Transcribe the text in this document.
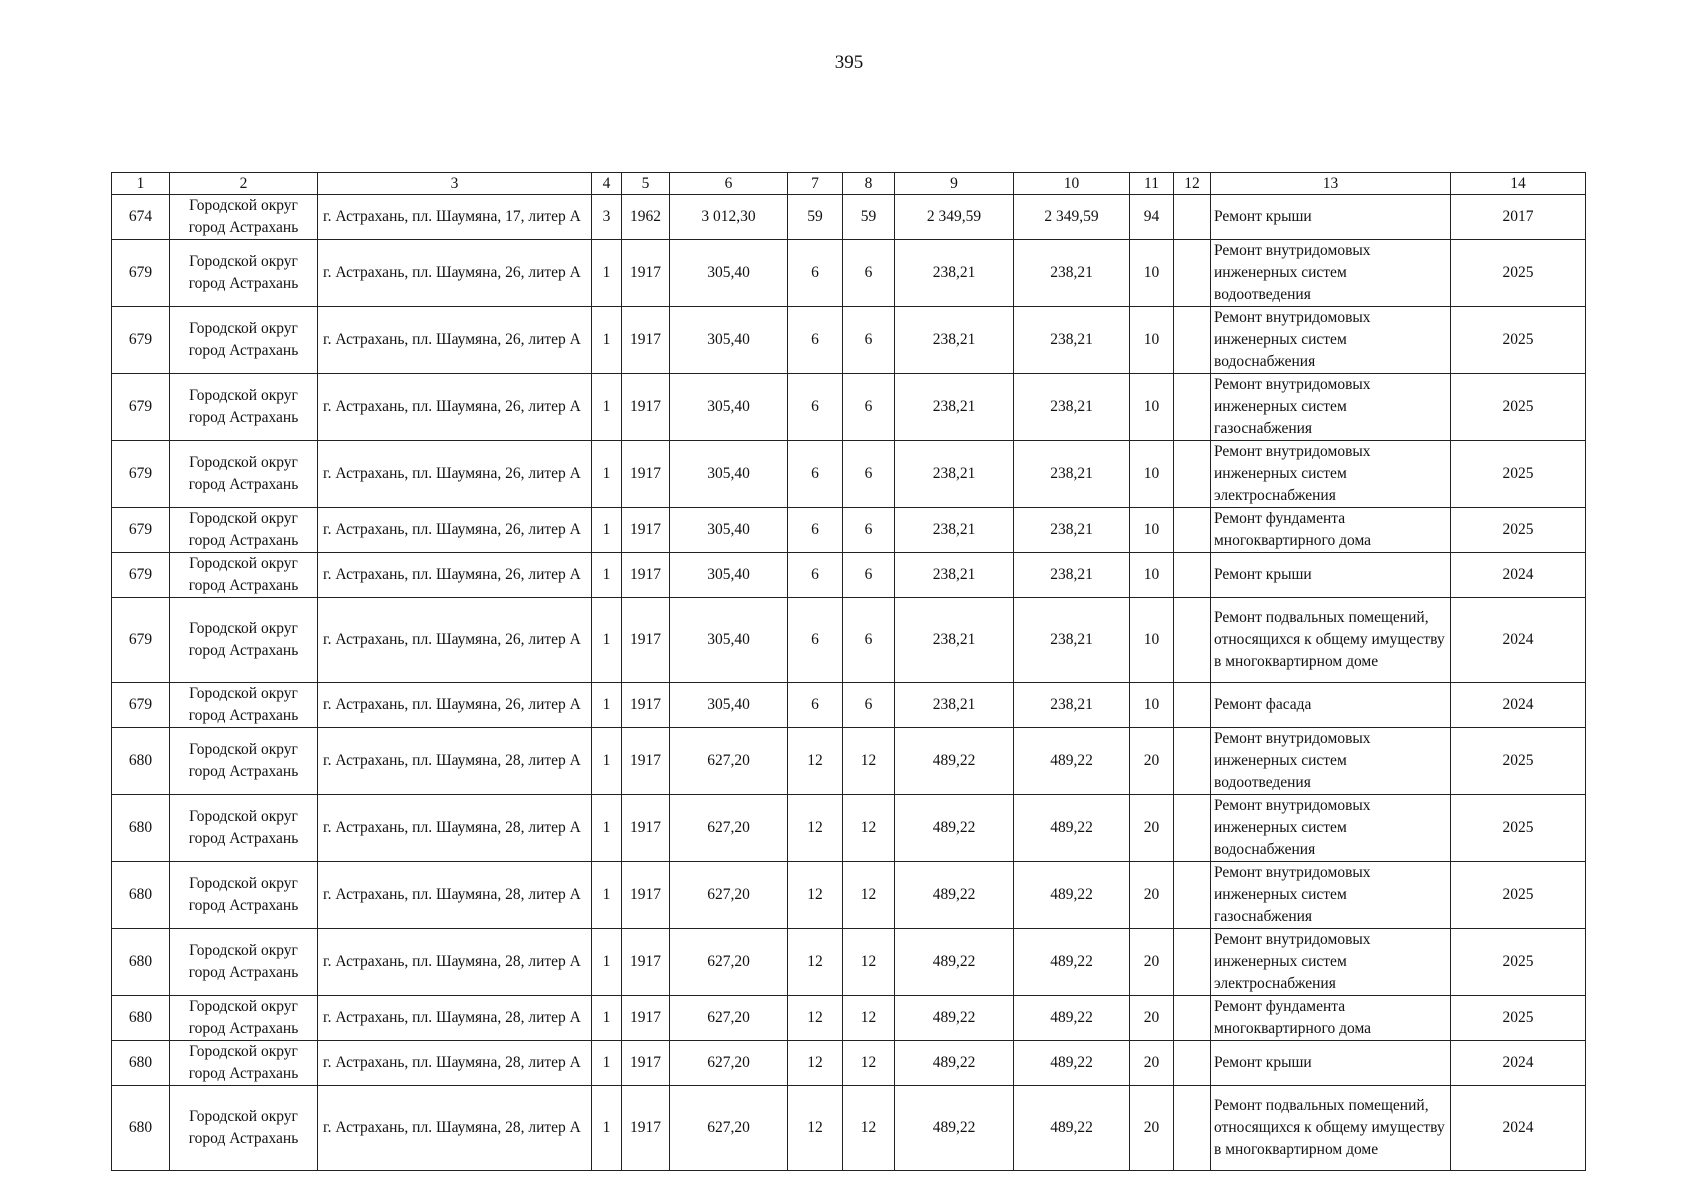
395
1	2	3	4	5	6	7	8	9	10	11	12	13	14
674	Городской округ город Астрахань	г. Астрахань, пл. Шаумяна, 17, литер А	3	1962	3 012,30	59	59	2 349,59	2 349,59	94		Ремонт крыши	2017
679	Городской округ город Астрахань	г. Астрахань, пл. Шаумяна, 26, литер А	1	1917	305,40	6	6	238,21	238,21	10		Ремонт внутридомовых инженерных систем водоотведения	2025
679	Городской округ город Астрахань	г. Астрахань, пл. Шаумяна, 26, литер А	1	1917	305,40	6	6	238,21	238,21	10		Ремонт внутридомовых инженерных систем водоснабжения	2025
679	Городской округ город Астрахань	г. Астрахань, пл. Шаумяна, 26, литер А	1	1917	305,40	6	6	238,21	238,21	10		Ремонт внутридомовых инженерных систем газоснабжения	2025
679	Городской округ город Астрахань	г. Астрахань, пл. Шаумяна, 26, литер А	1	1917	305,40	6	6	238,21	238,21	10		Ремонт внутридомовых инженерных систем электроснабжения	2025
679	Городской округ город Астрахань	г. Астрахань, пл. Шаумяна, 26, литер А	1	1917	305,40	6	6	238,21	238,21	10		Ремонт фундамента многоквартирного дома	2025
679	Городской округ город Астрахань	г. Астрахань, пл. Шаумяна, 26, литер А	1	1917	305,40	6	6	238,21	238,21	10		Ремонт крыши	2024
679	Городской округ город Астрахань	г. Астрахань, пл. Шаумяна, 26, литер А	1	1917	305,40	6	6	238,21	238,21	10		Ремонт подвальных помещений, относящихся к общему имуществу в многоквартирном доме	2024
679	Городской округ город Астрахань	г. Астрахань, пл. Шаумяна, 26, литер А	1	1917	305,40	6	6	238,21	238,21	10		Ремонт фасада	2024
680	Городской округ город Астрахань	г. Астрахань, пл. Шаумяна, 28, литер А	1	1917	627,20	12	12	489,22	489,22	20		Ремонт внутридомовых инженерных систем водоотведения	2025
680	Городской округ город Астрахань	г. Астрахань, пл. Шаумяна, 28, литер А	1	1917	627,20	12	12	489,22	489,22	20		Ремонт внутридомовых инженерных систем водоснабжения	2025
680	Городской округ город Астрахань	г. Астрахань, пл. Шаумяна, 28, литер А	1	1917	627,20	12	12	489,22	489,22	20		Ремонт внутридомовых инженерных систем газоснабжения	2025
680	Городской округ город Астрахань	г. Астрахань, пл. Шаумяна, 28, литер А	1	1917	627,20	12	12	489,22	489,22	20		Ремонт внутридомовых инженерных систем электроснабжения	2025
680	Городской округ город Астрахань	г. Астрахань, пл. Шаумяна, 28, литер А	1	1917	627,20	12	12	489,22	489,22	20		Ремонт фундамента многоквартирного дома	2025
680	Городской округ город Астрахань	г. Астрахань, пл. Шаумяна, 28, литер А	1	1917	627,20	12	12	489,22	489,22	20		Ремонт крыши	2024
680	Городской округ город Астрахань	г. Астрахань, пл. Шаумяна, 28, литер А	1	1917	627,20	12	12	489,22	489,22	20		Ремонт подвальных помещений, относящихся к общему имуществу в многоквартирном доме	2024
